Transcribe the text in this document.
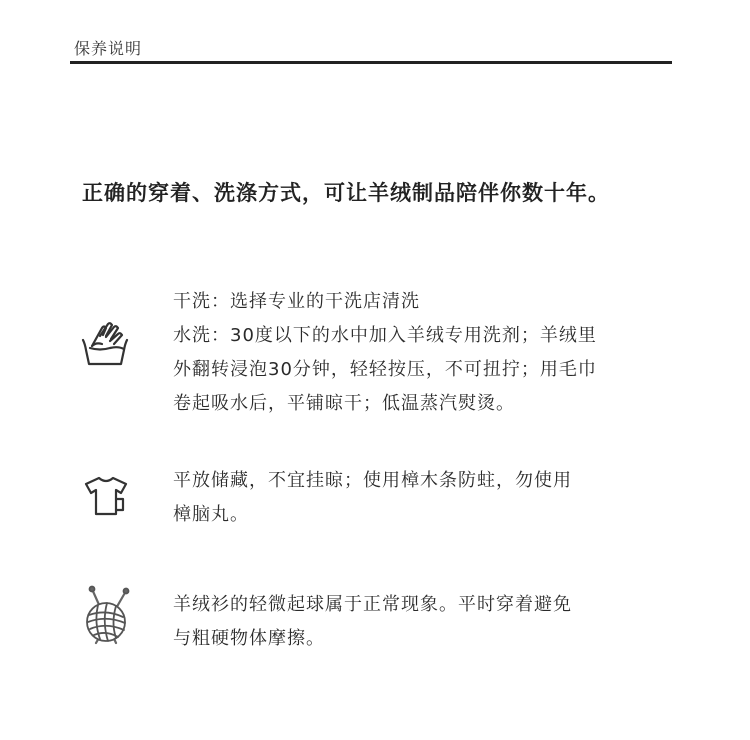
保养说明
正确的穿着、洗涤方式，可让羊绒制品陪伴你数十年。
干洗：选择专业的干洗店清洗
水洗：30度以下的水中加入羊绒专用洗剂；羊绒里
外翻转浸泡30分钟，轻轻按压，不可扭拧；用毛巾
卷起吸水后，平铺晾干；低温蒸汽熨烫。
平放储藏，不宜挂晾；使用樟木条防蛀，勿使用
樟脑丸。
羊绒衫的轻微起球属于正常现象。平时穿着避免
与粗硬物体摩擦。
